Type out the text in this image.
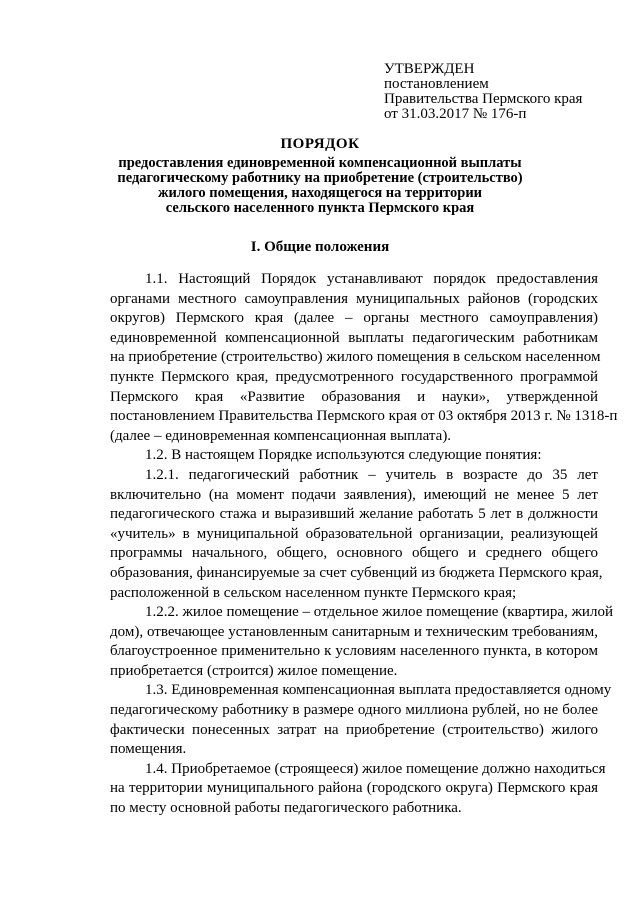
УТВЕРЖДЕН
постановлением
Правительства Пермского края
от 31.03.2017 № 176-п
ПОРЯДОК
предоставления единовременной компенсационной выплаты
педагогическому работнику на приобретение (строительство)
жилого помещения, находящегося на территории
сельского населенного пункта Пермского края
I. Общие положения
1.1. Настоящий Порядок устанавливают порядок предоставления
органами местного самоуправления муниципальных районов (городских
округов) Пермского края (далее – органы местного самоуправления)
единовременной компенсационной выплаты педагогическим работникам
на приобретение (строительство) жилого помещения в сельском населенном
пункте Пермского края, предусмотренного государственного программой
Пермского края «Развитие образования и науки», утвержденной
постановлением Правительства Пермского края от 03 октября 2013 г. № 1318-п
(далее – единовременная компенсационная выплата).
1.2. В настоящем Порядке используются следующие понятия:
1.2.1. педагогический работник – учитель в возрасте до 35 лет
включительно (на момент подачи заявления), имеющий не менее 5 лет
педагогического стажа и выразивший желание работать 5 лет в должности
«учитель» в муниципальной образовательной организации, реализующей
программы начального, общего, основного общего и среднего общего
образования, финансируемые за счет субвенций из бюджета Пермского края,
расположенной в сельском населенном пункте Пермского края;
1.2.2. жилое помещение – отдельное жилое помещение (квартира, жилой
дом), отвечающее установленным санитарным и техническим требованиям,
благоустроенное применительно к условиям населенного пункта, в котором
приобретается (строится) жилое помещение.
1.3. Единовременная компенсационная выплата предоставляется одному
педагогическому работнику в размере одного миллиона рублей, но не более
фактически понесенных затрат на приобретение (строительство) жилого
помещения.
1.4. Приобретаемое (строящееся) жилое помещение должно находиться
на территории муниципального района (городского округа) Пермского края
по месту основной работы педагогического работника.
